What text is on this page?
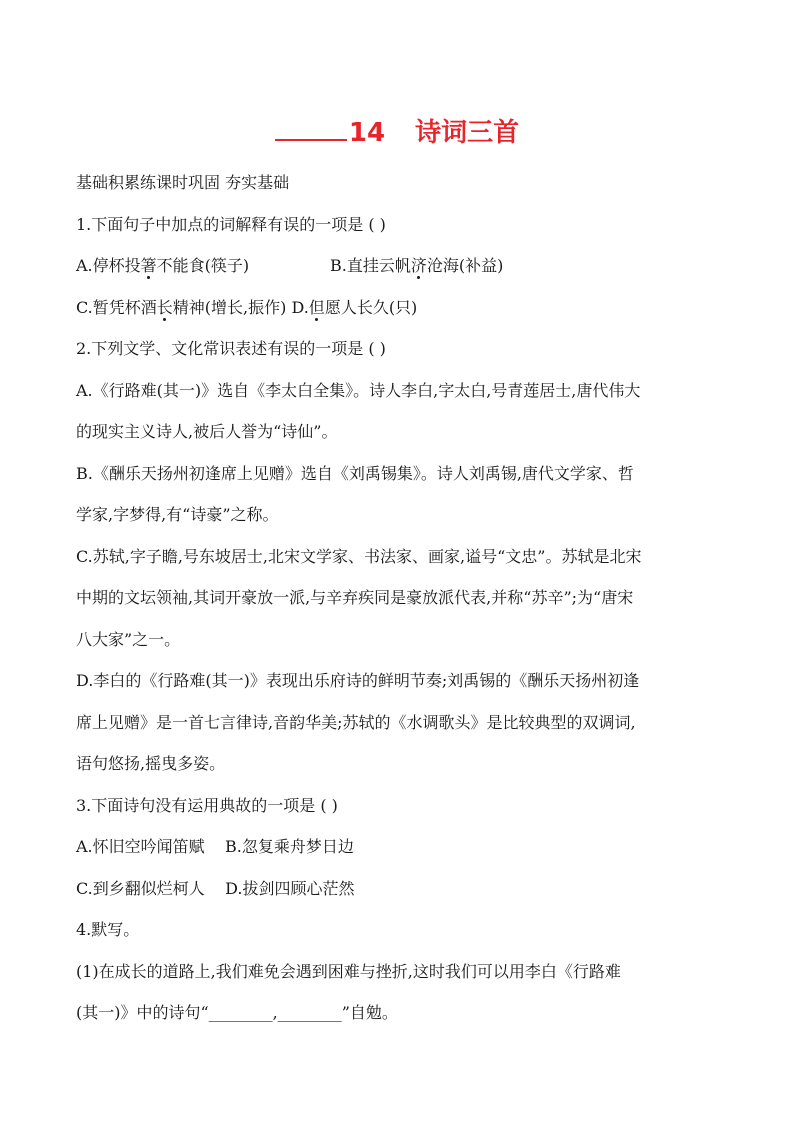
14 诗词三首

基础积累练课时巩固 夯实基础

1.下面句子中加点的词解释有误的一项是 ( )

A.停杯投箸不能食(筷子)	B.直挂云帆济沧海(补益)

C.暂凭杯酒长精神(增长,振作) D.但愿人长久(只)

2.下列文学、文化常识表述有误的一项是 ( )

A.《行路难(其一)》选自《李太白全集》。诗人李白,字太白,号青莲居士,唐代伟大

的现实主义诗人,被后人誉为“诗仙”。

B.《酬乐天扬州初逢席上见赠》选自《刘禹锡集》。诗人刘禹锡,唐代文学家、哲

学家,字梦得,有“诗豪”之称。

C.苏轼,字子瞻,号东坡居士,北宋文学家、书法家、画家,谥号“文忠”。苏轼是北宋

中期的文坛领袖,其词开豪放一派,与辛弃疾同是豪放派代表,并称“苏辛”;为“唐宋

八大家”之一。

D.李白的《行路难(其一)》表现出乐府诗的鲜明节奏;刘禹锡的《酬乐天扬州初逢

席上见赠》是一首七言律诗,音韵华美;苏轼的《水调歌头》是比较典型的双调词,

语句悠扬,摇曳多姿。

3.下面诗句没有运用典故的一项是 ( )

A.怀旧空吟闻笛赋    B.忽复乘舟梦日边

C.到乡翻似烂柯人    D.拔剑四顾心茫然

4.默写。

(1)在成长的道路上,我们难免会遇到困难与挫折,这时我们可以用李白《行路难

(其一)》中的诗句“________,________”自勉。
